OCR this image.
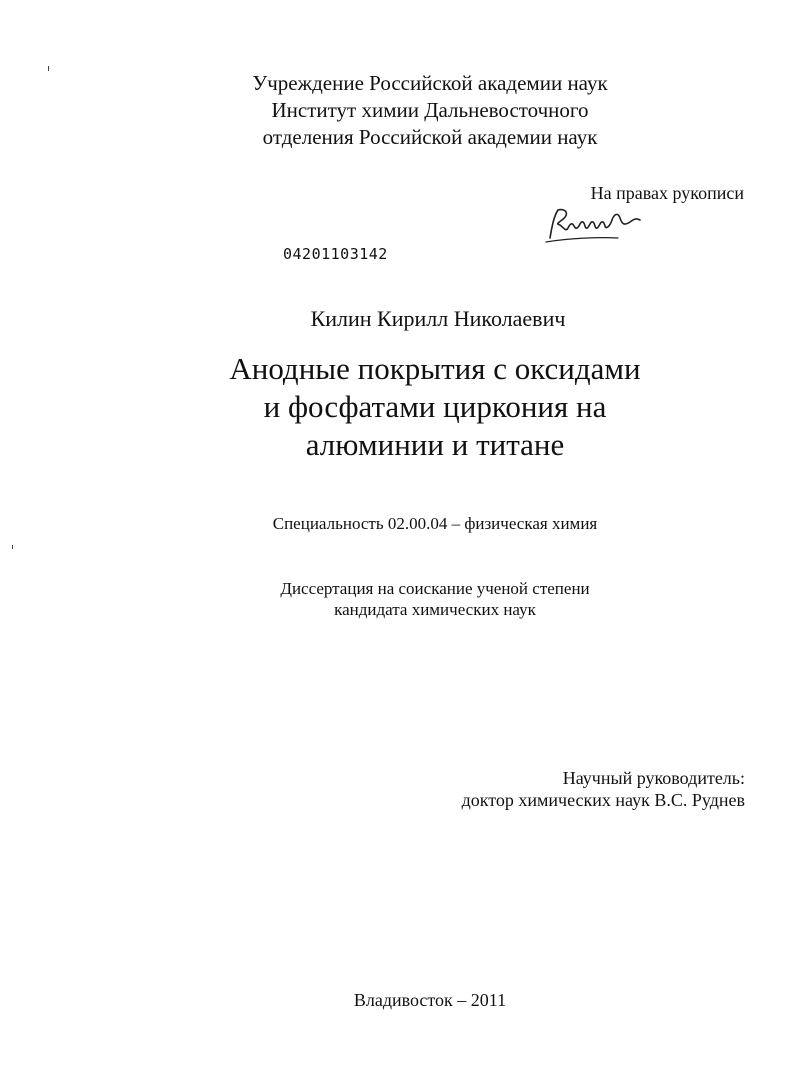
Учреждение Российской академии наук
Институт химии Дальневосточного
отделения Российской академии наук
На правах рукописи
04201103142
Килин Кирилл Николаевич
Анодные покрытия с оксидами
и фосфатами циркония на
алюминии и титане
Специальность 02.00.04 – физическая химия
Диссертация на соискание ученой степени
кандидата химических наук
Научный руководитель:
доктор химических наук В.С. Руднев
Владивосток – 2011
